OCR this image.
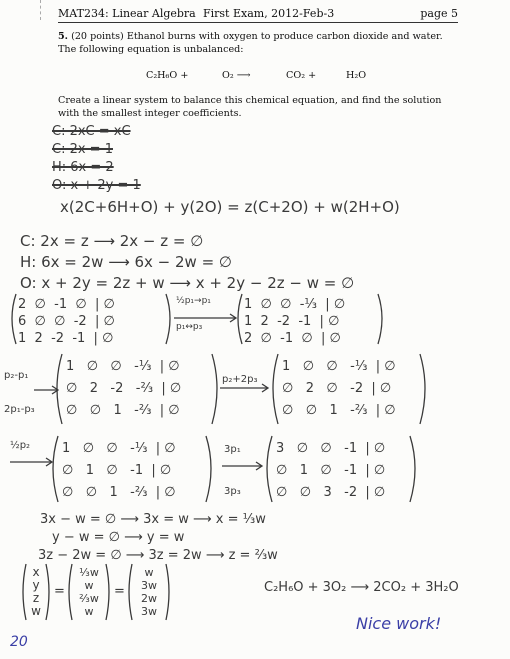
MAT234: Linear Algebra First Exam, 2012-Feb-3	page 5
5. (20 points) Ethanol burns with oxygen to produce carbon dioxide and water. The following equation is unbalanced:
C₂H₆O +	O₂ ⟶	CO₂ +	H₂O
Create a linear system to balance this chemical equation, and find the solution with the smallest integer coefficients.
C: 2xC = xC
C: 2x = 1
H: 6x = 2
O: x + 2y = 1
x(2C+6H+O) + y(2O) = z(C+2O) + w(2H+O)
C: 2x = z ⟶ 2x − z = ∅
H: 6x = 2w ⟶ 6x − 2w = ∅
O: x + 2y = 2z + w ⟶ x + 2y − 2z − w = ∅
2 ∅ -1 ∅  | ∅
6 ∅ ∅ -2  | ∅
1 2 -2 -1  | ∅
½p₁→p₁
p₁↔p₃
1 ∅ ∅ -⅓  | ∅
1 2 -2 -1  | ∅
2 ∅ -1 ∅  | ∅
p₂-p₁
2p₁-p₃
1 ∅ ∅ -⅓  | ∅
∅ 2 -2 -⅔  | ∅
∅ ∅ 1 -⅔  | ∅
p₂+2p₃
1 ∅ ∅ -⅓  | ∅
∅ 2 ∅ -2  | ∅
∅ ∅ 1 -⅔  | ∅
½p₂ 1 ∅ ∅ -⅓  | ∅
∅ 1 ∅ -1  | ∅
∅ ∅ 1 -⅔  | ∅
3p₁
3p₃
3 ∅ ∅ -1  | ∅
∅ 1 ∅ -1  | ∅
∅ ∅ 3 -2  | ∅
3x − w = ∅ ⟶ 3x = w ⟶ x = ⅓w
y − w = ∅ ⟶ y = w
3z − 2w = ∅ ⟶ 3z = 2w ⟶ z = ⅔w
x
y
z
w
=
⅓w
w
⅔w
w
=
w
3w
2w
3w
C₂H₆O + 3O₂ ⟶ 2CO₂ + 3H₂O
Nice work!
20
